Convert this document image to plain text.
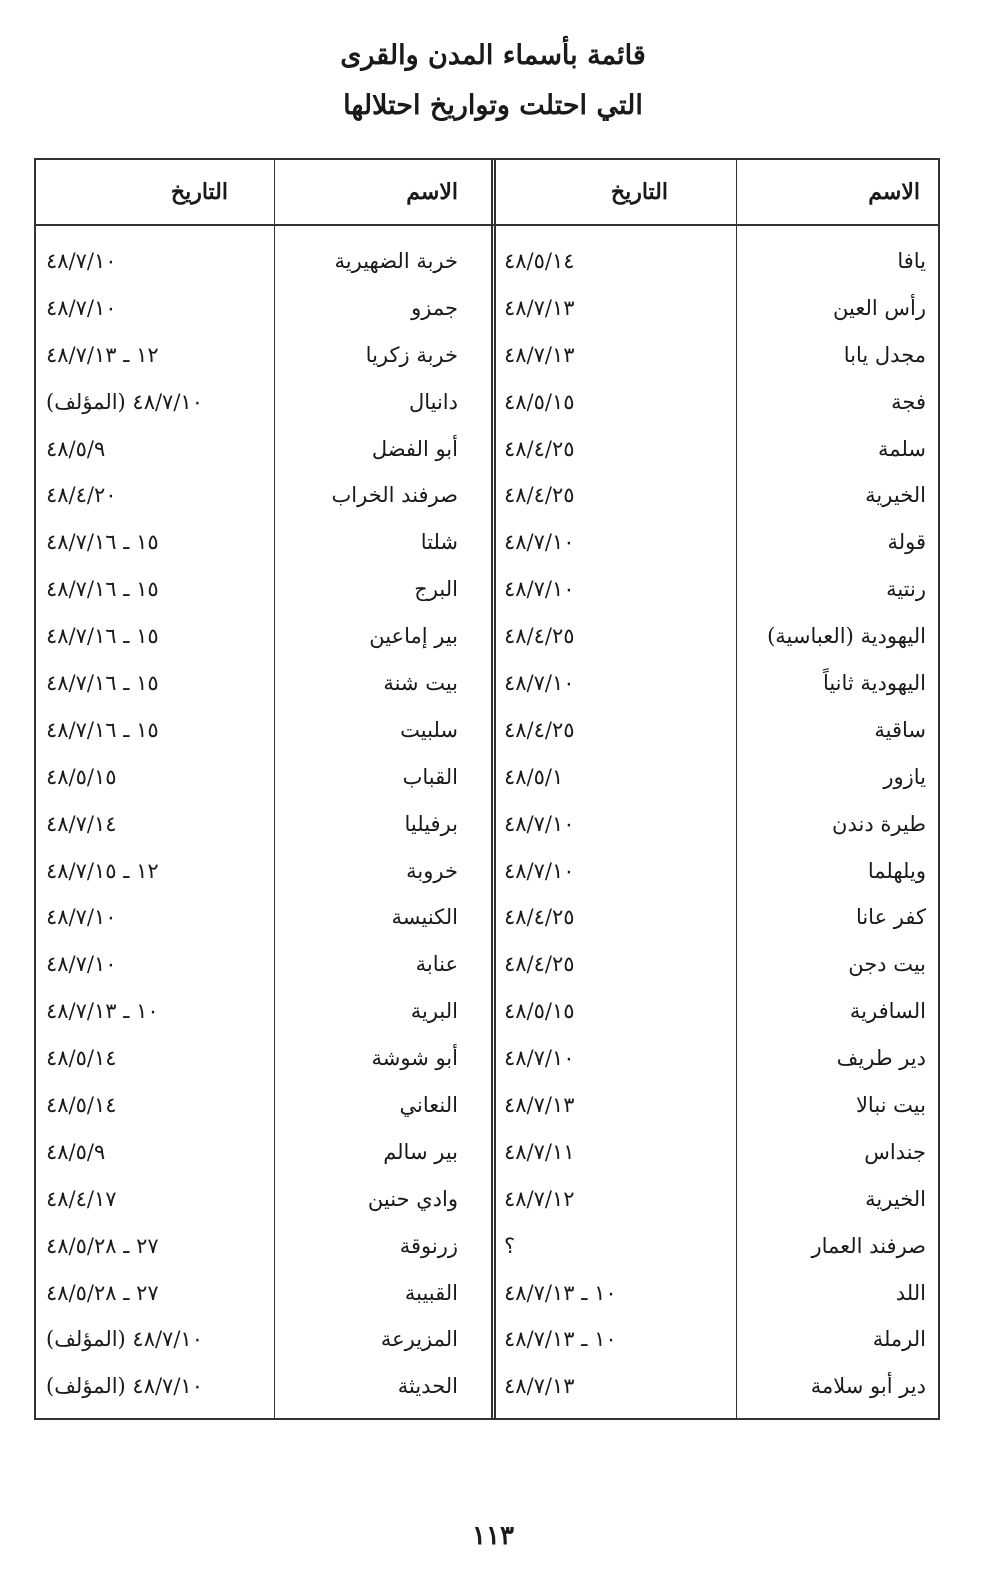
قائمة بأسماء المدن والقرى
التي احتلت وتواريخ احتلالها
الاسم
التاريخ
الاسم
التاريخ
يافا
٤٨/٥/١٤
خربة الضهيرية
٤٨/٧/١٠
رأس العين
٤٨/٧/١٣
جمزو
٤٨/٧/١٠
مجدل يابا
٤٨/٧/١٣
خربة زكريا
١٢ ـ ٤٨/٧/١٣
فجة
٤٨/٥/١٥
دانيال
٤٨/٧/١٠ (المؤلف)
سلمة
٤٨/٤/٢٥
أبو الفضل
٤٨/٥/٩
الخيرية
٤٨/٤/٢٥
صرفند الخراب
٤٨/٤/٢٠
قولة
٤٨/٧/١٠
شلتا
١٥ ـ ٤٨/٧/١٦
رنتية
٤٨/٧/١٠
البرج
١٥ ـ ٤٨/٧/١٦
اليهودية (العباسية)
٤٨/٤/٢٥
بير إماعين
١٥ ـ ٤٨/٧/١٦
اليهودية ثانياً
٤٨/٧/١٠
بيت شنة
١٥ ـ ٤٨/٧/١٦
ساقية
٤٨/٤/٢٥
سلبيت
١٥ ـ ٤٨/٧/١٦
يازور
٤٨/٥/١
القباب
٤٨/٥/١٥
طيرة دندن
٤٨/٧/١٠
برفيليا
٤٨/٧/١٤
ويلهلما
٤٨/٧/١٠
خروبة
١٢ ـ ٤٨/٧/١٥
كفر عانا
٤٨/٤/٢٥
الكنيسة
٤٨/٧/١٠
بيت دجن
٤٨/٤/٢٥
عنابة
٤٨/٧/١٠
السافرية
٤٨/٥/١٥
البرية
١٠ ـ ٤٨/٧/١٣
دير طريف
٤٨/٧/١٠
أبو شوشة
٤٨/٥/١٤
بيت نبالا
٤٨/٧/١٣
النعاني
٤٨/٥/١٤
جنداس
٤٨/٧/١١
بير سالم
٤٨/٥/٩
الخيرية
٤٨/٧/١٢
وادي حنين
٤٨/٤/١٧
صرفند العمار
؟
زرنوقة
٢٧ ـ ٤٨/٥/٢٨
اللد
١٠ ـ ٤٨/٧/١٣
القبيبة
٢٧ ـ ٤٨/٥/٢٨
الرملة
١٠ ـ ٤٨/٧/١٣
المزيرعة
٤٨/٧/١٠ (المؤلف)
دير أبو سلامة
٤٨/٧/١٣
الحديثة
٤٨/٧/١٠ (المؤلف)
١١٣
